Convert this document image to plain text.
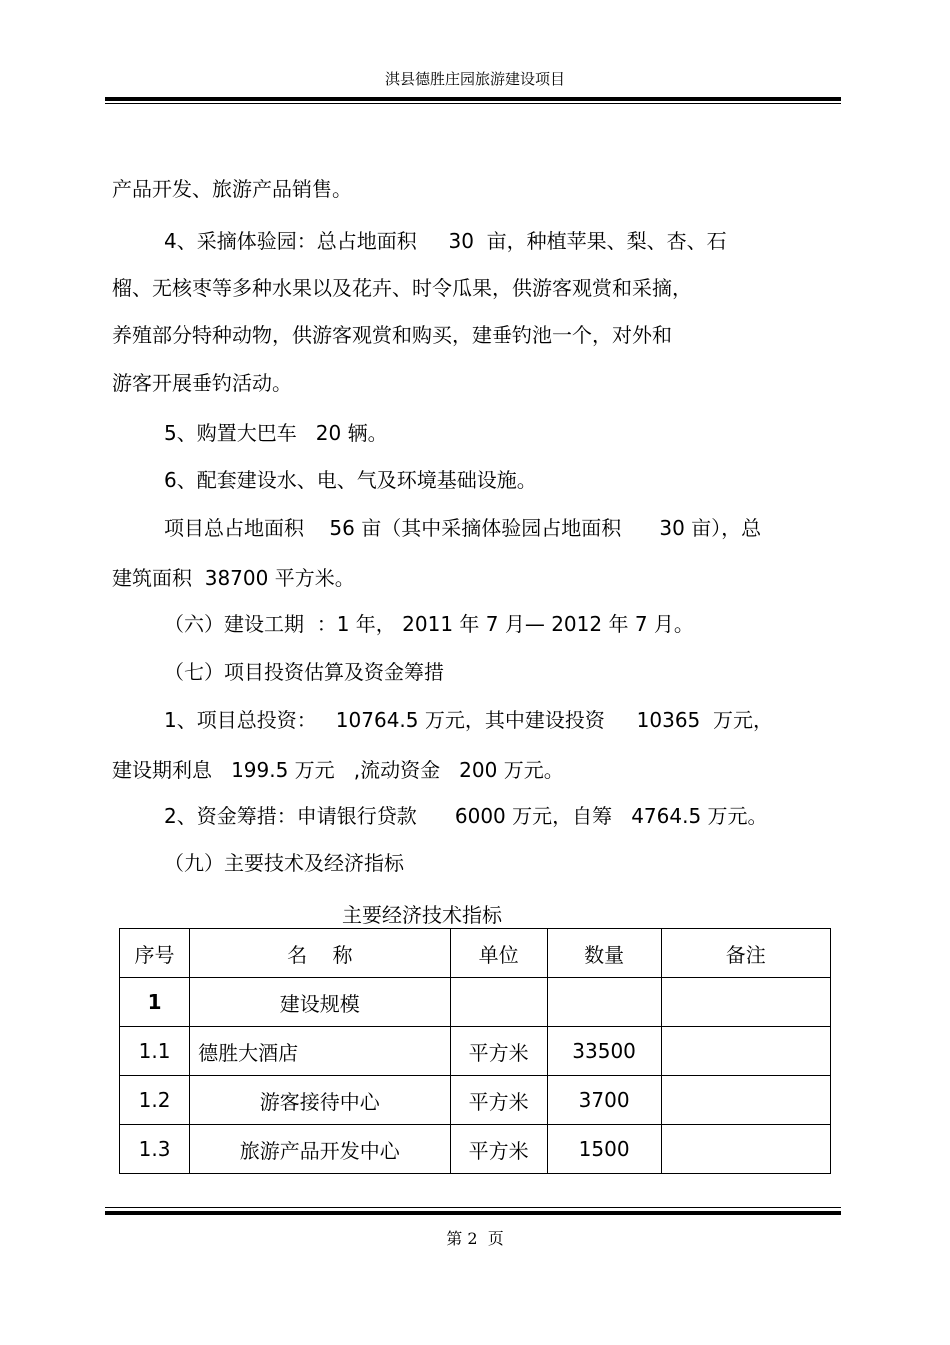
淇县德胜庄园旅游建设项目
产品开发、旅游产品销售。
4、采摘体验园：总占地面积     30  亩，种植苹果、梨、杏、石
榴、无核枣等多种水果以及花卉、时令瓜果，供游客观赏和采摘，
养殖部分特种动物，供游客观赏和购买，建垂钓池一个，对外和
游客开展垂钓活动。
5、购置大巴车   20 辆。
6、配套建设水、电、气及环境基础设施。
项目总占地面积    56 亩（其中采摘体验园占地面积      30 亩），总
建筑面积  38700 平方米。
（六）建设工期  ：1 年， 2011 年 7 月— 2012 年 7 月。
（七）项目投资估算及资金筹措
1、项目总投资：   10764.5 万元，其中建设投资     10365  万元，
建设期利息   199.5 万元   ,流动资金   200 万元。
2、资金筹措：申请银行贷款      6000 万元，自筹   4764.5 万元。
（九）主要技术及经济指标
主要经济技术指标
序号	名    称	单位	数量	备注
1	建设规模			
1.1	德胜大酒店	平方米	33500	
1.2	游客接待中心	平方米	3700	
1.3	旅游产品开发中心	平方米	1500	
第 2  页
